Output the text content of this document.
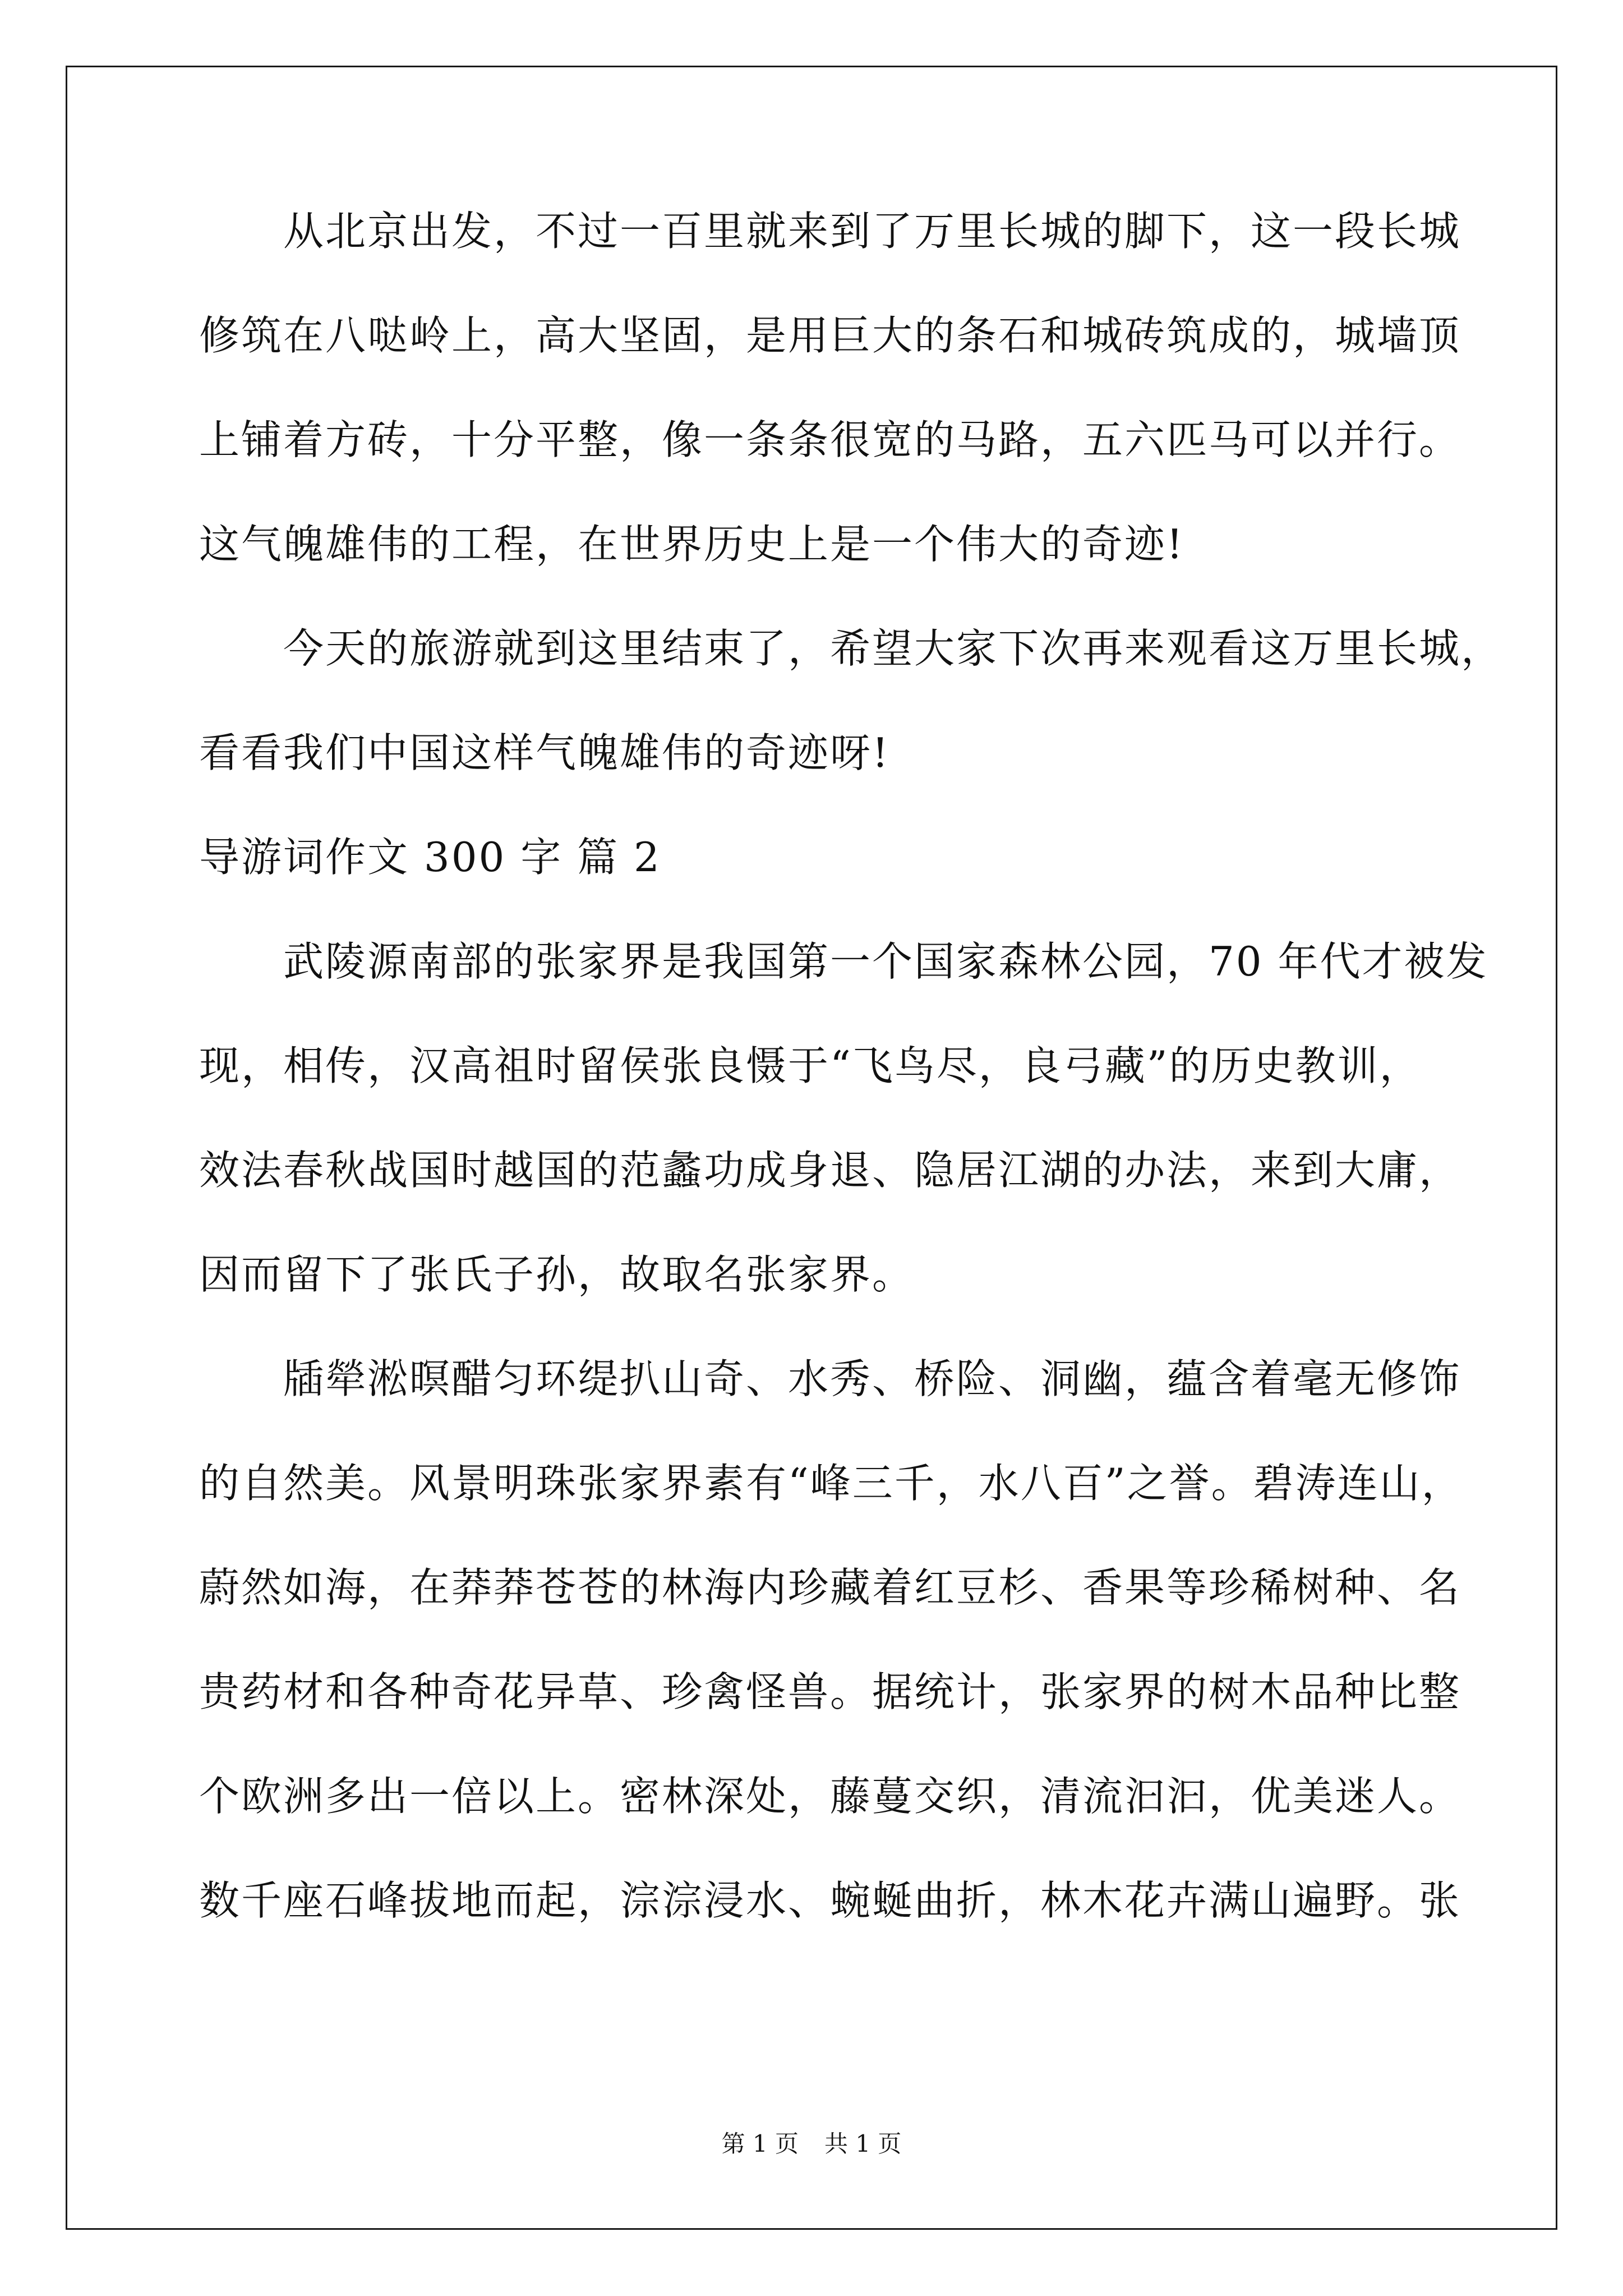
　　从北京出发，不过一百里就来到了万里长城的脚下，这一段长城
修筑在八哒岭上，高大坚固，是用巨大的条石和城砖筑成的，城墙顶
上铺着方砖，十分平整，像一条条很宽的马路，五六匹马可以并行。
这气魄雄伟的工程，在世界历史上是一个伟大的奇迹!
　　今天的旅游就到这里结束了，希望大家下次再来观看这万里长城，
看看我们中国这样气魄雄伟的奇迹呀!
导游词作文 300 字 篇 2
　　武陵源南部的张家界是我国第一个国家森林公园，70 年代才被发
现，相传，汉高祖时留侯张良慑于“飞鸟尽，良弓藏”的历史教训，
效法春秋战国时越国的范蠡功成身退、隐居江湖的办法，来到大庸，
因而留下了张氏子孙，故取名张家界。
　　牐犖淞暝醋匀环缇扒山奇、水秀、桥险、洞幽，蕴含着毫无修饰
的自然美。风景明珠张家界素有“峰三千，水八百”之誉。碧涛连山，
蔚然如海，在莽莽苍苍的林海内珍藏着红豆杉、香果等珍稀树种、名
贵药材和各种奇花异草、珍禽怪兽。据统计，张家界的树木品种比整
个欧洲多出一倍以上。密林深处，藤蔓交织，清流汩汩，优美迷人。
数千座石峰拔地而起，淙淙浸水、蜿蜒曲折，林木花卉满山遍野。张
第 1 页 共 1 页
